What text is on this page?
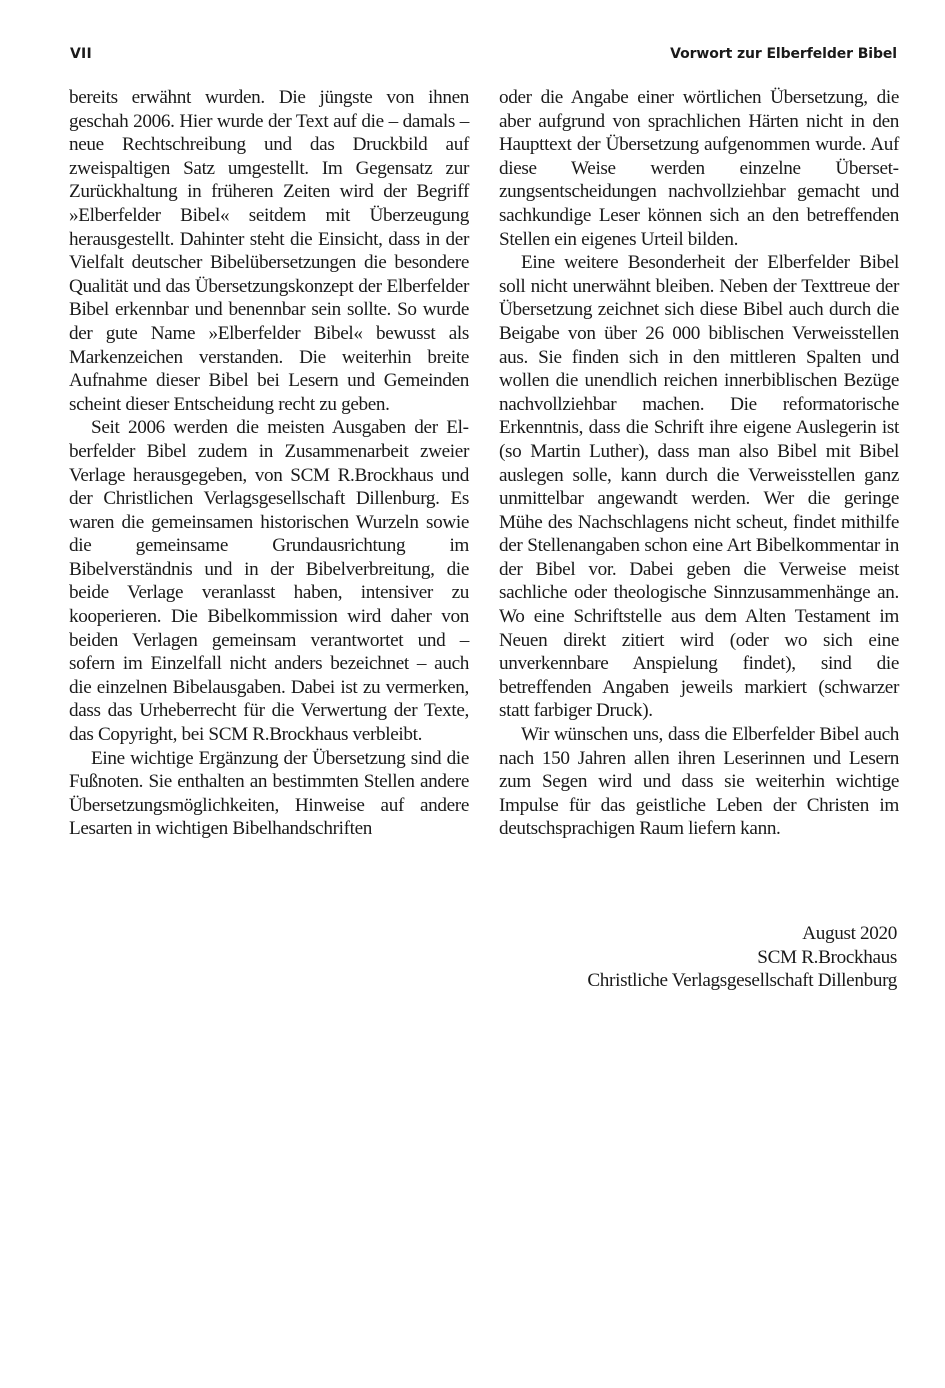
VII	Vorwort zur Elberfelder Bibel

bereits erwähnt wurden. Die jüngste von ihnen geschah 2006. Hier wurde der Text auf die – damals – neue Rechtschreibung und das Druckbild auf zweispaltigen Satz umgestellt. Im Gegensatz zur Zurückhaltung in früheren Zeiten wird der Begriff »Elberfelder Bibel« seitdem mit Überzeugung herausgestellt. Dahinter steht die Einsicht, dass in der Vielfalt deutscher Bibelübersetzungen die besondere Qualität und das Übersetzungskonzept der Elberfelder Bibel erkennbar und benennbar sein sollte. So wurde der gute Name »Elberfelder Bibel« bewusst als Markenzeichen verstanden. Die weiterhin breite Aufnahme dieser Bibel bei Lesern und Gemeinden scheint dieser Entscheidung recht zu geben.

Seit 2006 werden die meisten Ausgaben der Elberfelder Bibel zudem in Zusammenarbeit zweier Verlage herausgegeben, von SCM R.Brockhaus und der Christlichen Verlagsgesellschaft Dillenburg. Es waren die gemeinsamen historischen Wurzeln sowie die gemeinsame Grundausrichtung im Bibelverständnis und in der Bibelverbreitung, die beide Verlage veranlasst haben, intensiver zu kooperieren. Die Bibelkommission wird daher von beiden Verlagen gemeinsam verantwortet und – sofern im Einzelfall nicht anders bezeichnet – auch die einzelnen Bibelausgaben. Dabei ist zu vermerken, dass das Urheberrecht für die Verwertung der Texte, das Copyright, bei SCM R.Brockhaus verbleibt.

Eine wichtige Ergänzung der Übersetzung sind die Fußnoten. Sie enthalten an bestimmten Stellen andere Übersetzungsmöglichkeiten, Hinweise auf andere Lesarten in wichtigen Bibelhandschriften

oder die Angabe einer wörtlichen Übersetzung, die aber aufgrund von sprachlichen Härten nicht in den Haupttext der Übersetzung aufgenommen wurde. Auf diese Weise werden einzelne Übersetzungsentscheidungen nachvollziehbar gemacht und sachkundige Leser können sich an den betreffenden Stellen ein eigenes Urteil bilden.

Eine weitere Besonderheit der Elberfelder Bibel soll nicht unerwähnt bleiben. Neben der Texttreue der Übersetzung zeichnet sich diese Bibel auch durch die Beigabe von über 26 000 biblischen Verweisstellen aus. Sie finden sich in den mittleren Spalten und wollen die unendlich reichen innerbiblischen Bezüge nachvollziehbar machen. Die reformatorische Erkenntnis, dass die Schrift ihre eigene Auslegerin ist (so Martin Luther), dass man also Bibel mit Bibel auslegen solle, kann durch die Verweisstellen ganz unmittelbar angewandt werden. Wer die geringe Mühe des Nachschlagens nicht scheut, findet mithilfe der Stellenangaben schon eine Art Bibelkommentar in der Bibel vor. Dabei geben die Verweise meist sachliche oder theologische Sinnzusammenhänge an. Wo eine Schriftstelle aus dem Alten Testament im Neuen direkt zitiert wird (oder wo sich eine unverkennbare Anspielung findet), sind die betreffenden Angaben jeweils markiert (schwarzer statt farbiger Druck).

Wir wünschen uns, dass die Elberfelder Bibel auch nach 150 Jahren allen ihren Leserinnen und Lesern zum Segen wird und dass sie weiterhin wichtige Impulse für das geistliche Leben der Christen im deutschsprachigen Raum liefern kann.

August 2020
SCM R.Brockhaus
Christliche Verlagsgesellschaft Dillenburg
